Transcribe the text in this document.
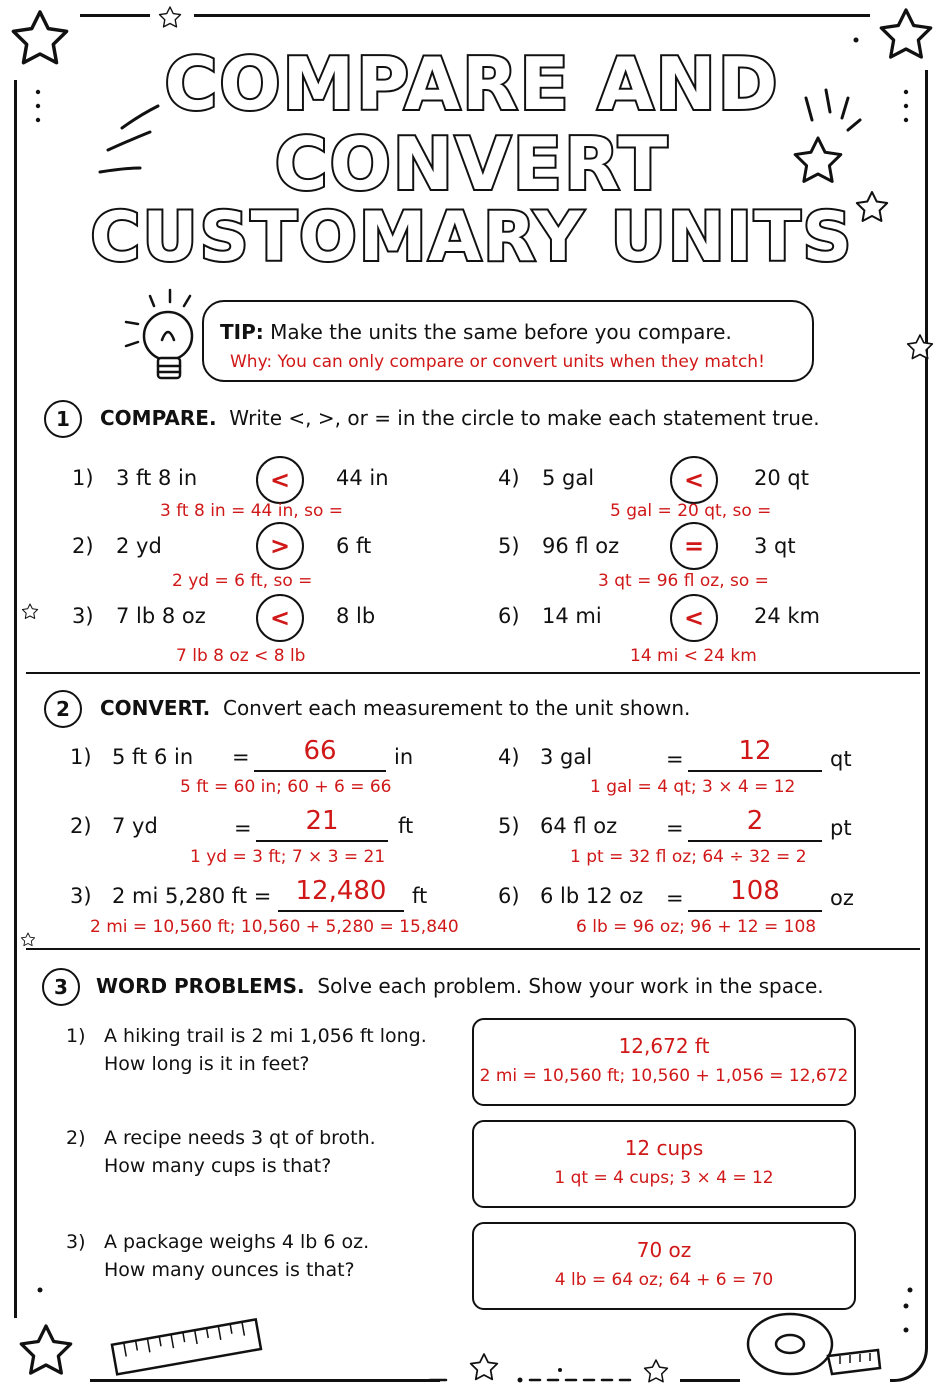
COMPARE AND
CONVERT
CUSTOMARY UNITS
TIP: Make the units the same before you compare.
Why: You can only compare or convert units when they match!
1	COMPARE. Write <, >, or = in the circle to make each statement true.
1) 3 ft 8 in	<	44 in
3 ft 8 in = 44 in, so =
2) 2 yd	>	6 ft
2 yd = 6 ft, so =
3) 7 lb 8 oz	<	8 lb
7 lb 8 oz < 8 lb
4) 5 gal	<	20 qt
5 gal = 20 qt, so =
5) 96 fl oz	=	3 qt
3 qt = 96 fl oz, so =
6) 14 mi	<	24 km
14 mi < 24 km
2	CONVERT. Convert each measurement to the unit shown.
1) 5 ft 6 in =	66	in
5 ft = 60 in; 60 + 6 = 66
2) 7 yd	=	21	ft
1 yd = 3 ft; 7 × 3 = 21
3) 2 mi 5,280 ft = 12,480	ft
2 mi = 10,560 ft; 10,560 + 5,280 = 15,840
4) 3 gal	=	12	qt
1 gal = 4 qt; 3 × 4 = 12
5) 64 fl oz =	2	pt
1 pt = 32 fl oz; 64 ÷ 32 = 2
6) 6 lb 12 oz =	108	oz
6 lb = 96 oz; 96 + 12 = 108
3	WORD PROBLEMS. Solve each problem. Show your work in the space.
1) A hiking trail is 2 mi 1,056 ft long.
How long is it in feet?
12,672 ft
2 mi = 10,560 ft; 10,560 + 1,056 = 12,672
2) A recipe needs 3 qt of broth.
How many cups is that?
12 cups
1 qt = 4 cups; 3 × 4 = 12
3) A package weighs 4 lb 6 oz.
How many ounces is that?
70 oz
4 lb = 64 oz; 64 + 6 = 70
